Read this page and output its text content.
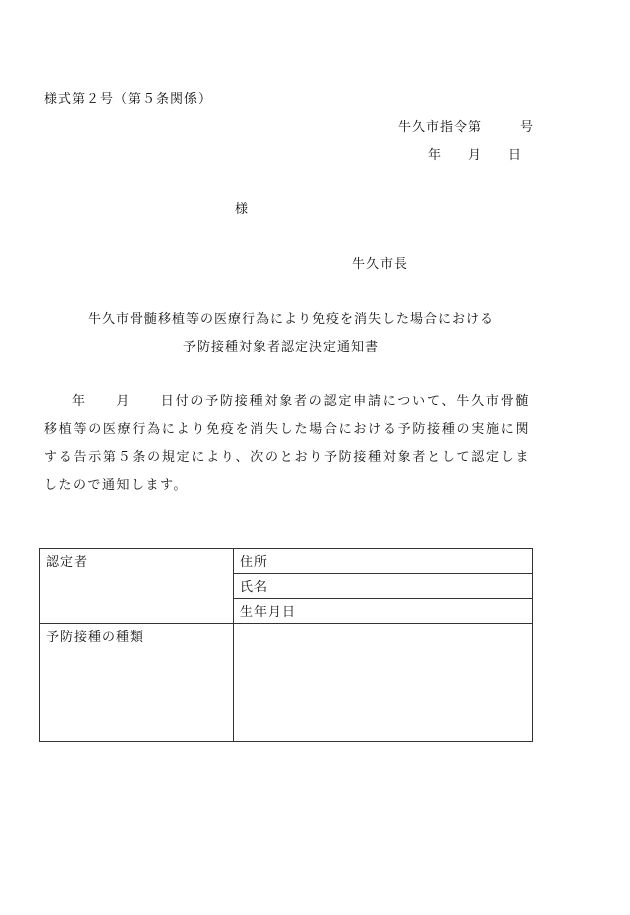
様式第２号（第５条関係）
牛久市指令第	号
年 月 日
様
牛久市長
牛久市骨髄移植等の医療行為により免疫を消失した場合における
予防接種対象者認定決定通知書
年　　月　　日付の予防接種対象者の認定申請について、牛久市骨髄移植等の医療行為により免疫を消失した場合における予防接種の実施に関する告示第５条の規定により、次のとおり予防接種対象者として認定しましたので通知します。
認定者	住所
	氏名
	生年月日
予防接種の種類	
